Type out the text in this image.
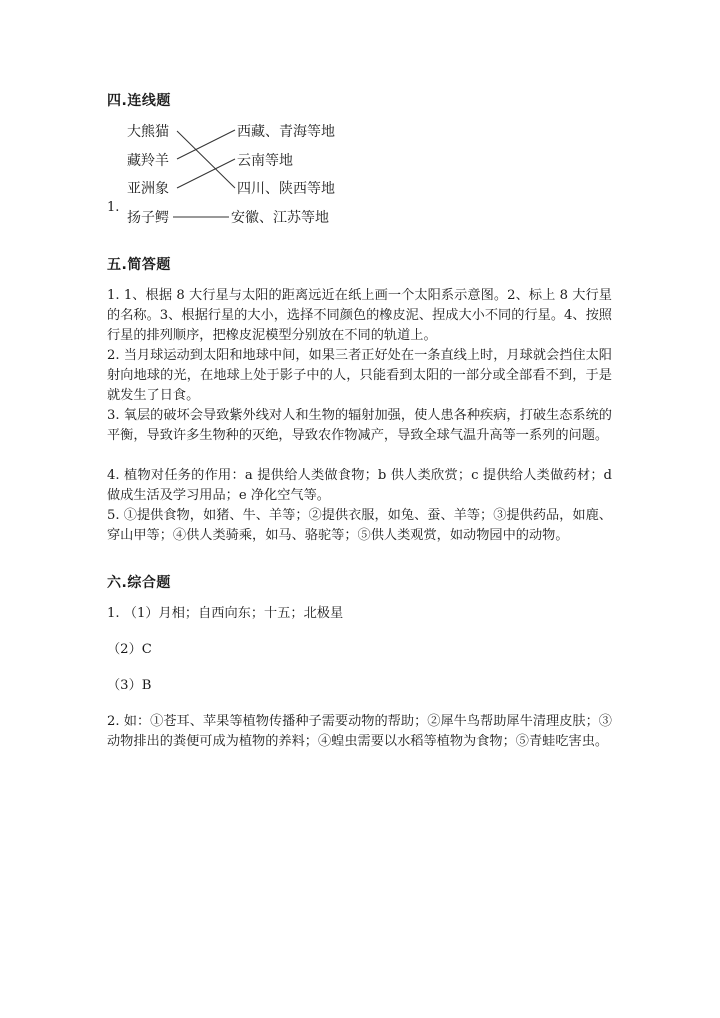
四.连线题
大熊猫
藏羚羊
亚洲象
扬子鳄
西藏、青海等地
云南等地
四川、陕西等地
安徽、江苏等地
1.
五.简答题
1. 1、根据 8 大行星与太阳的距离远近在纸上画一个太阳系示意图。2、标上 8 大行星的名称。3、根据行星的大小，选择不同颜色的橡皮泥、捏成大小不同的行星。4、按照行星的排列顺序，把橡皮泥模型分别放在不同的轨道上。
2. 当月球运动到太阳和地球中间，如果三者正好处在一条直线上时，月球就会挡住太阳射向地球的光，在地球上处于影子中的人，只能看到太阳的一部分或全部看不到，于是就发生了日食。
3. 氧层的破坏会导致紫外线对人和生物的辐射加强，使人患各种疾病，打破生态系统的平衡，导致许多生物种的灭绝，导致农作物减产，导致全球气温升高等一系列的问题。
4. 植物对任务的作用：a 提供给人类做食物；b 供人类欣赏；c 提供给人类做药材；d 做成生活及学习用品；e 净化空气等。
5. ①提供食物，如猪、牛、羊等；②提供衣服，如兔、蚕、羊等；③提供药品，如鹿、穿山甲等；④供人类骑乘，如马、骆驼等；⑤供人类观赏，如动物园中的动物。
六.综合题
1. （1）月相；自西向东；十五；北极星
（2）C
（3）B
2. 如：①苍耳、苹果等植物传播种子需要动物的帮助；②犀牛鸟帮助犀牛清理皮肤；③动物排出的粪便可成为植物的养料；④蝗虫需要以水稻等植物为食物；⑤青蛙吃害虫。
